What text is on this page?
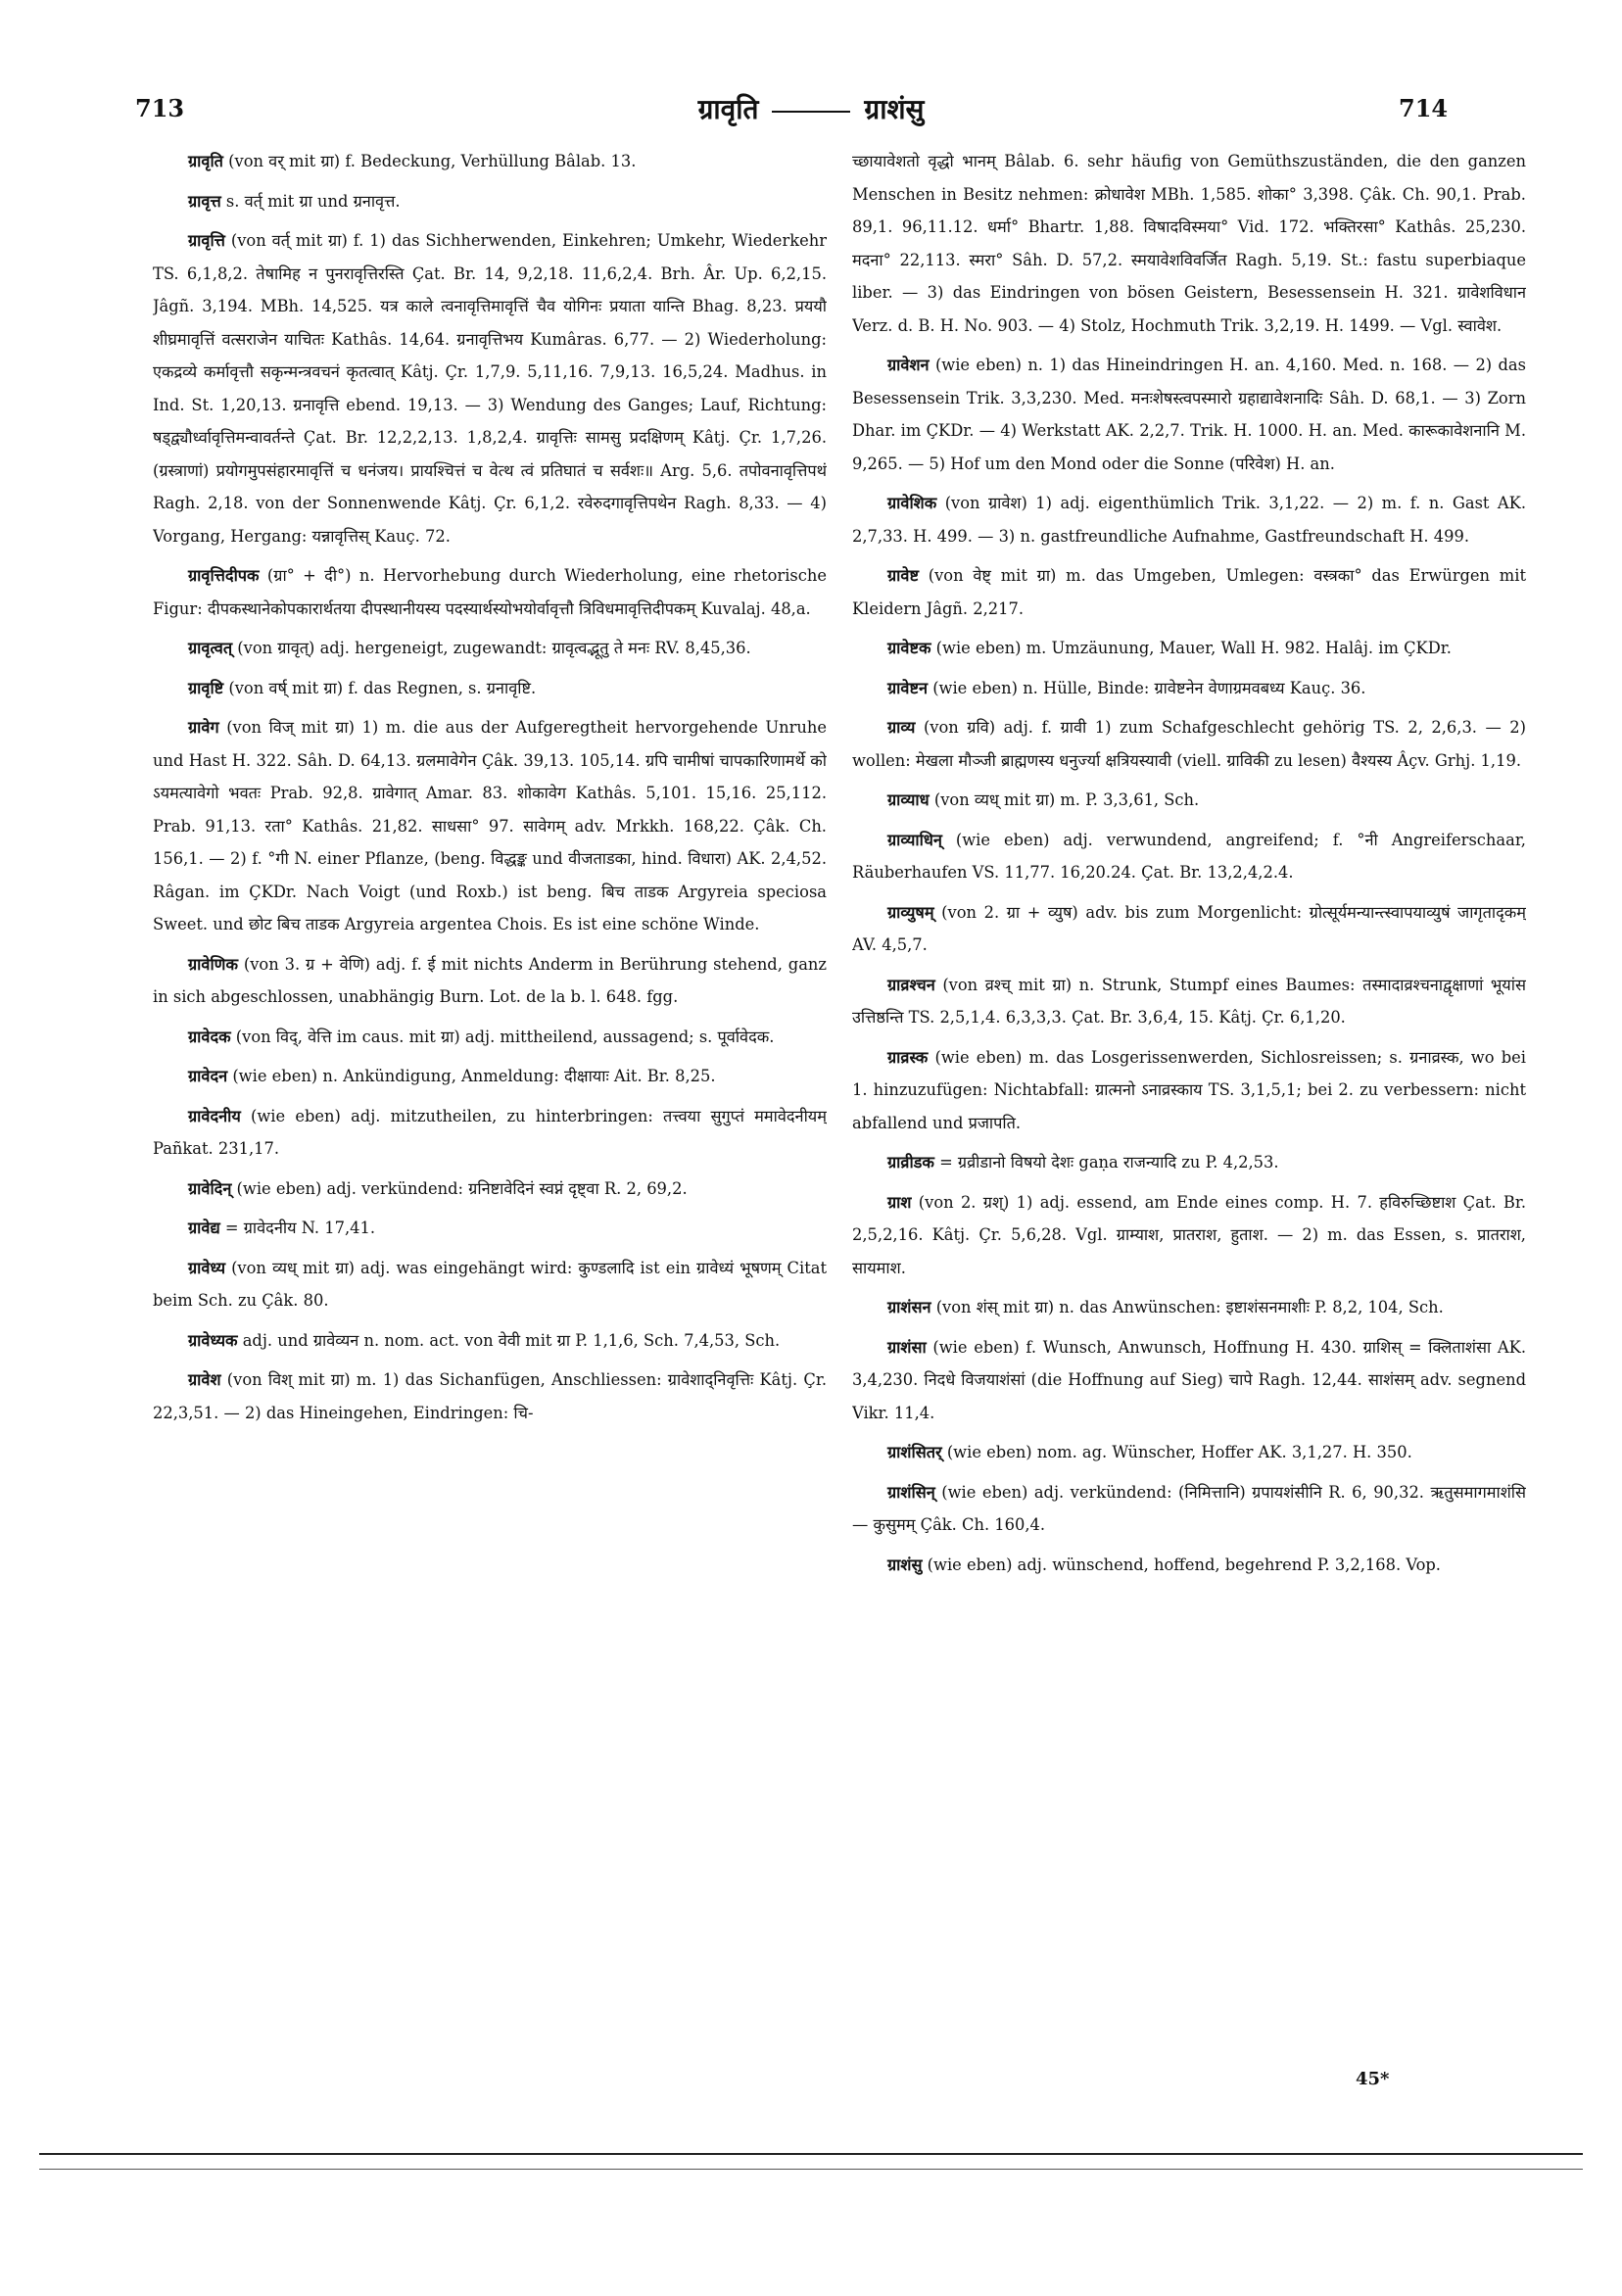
713	ग्रावृति	ग्राशंसु	714

ग्रावृति (von वर् mit ग्रा) f. Bedeckung, Verhüllung Bâlab. 13.

ग्रावृत्त s. वर्त् mit ग्रा und ग्रनावृत्त.

ग्रावृत्ति (von वर्त् mit ग्रा) f. 1) das Sichherwenden, Einkehren; Umkehr, Wiederkehr TS. 6,1,8,2. तेषामिह न पुनरावृत्तिरस्ति Çat. Br. 14, 9,2,18. 11,6,2,4. Brh. Âr. Up. 6,2,15. Jâgñ. 3,194. MBh. 14,525. यत्र काले त्वनावृत्तिमावृत्तिं चैव योगिनः प्रयाता यान्ति Bhag. 8,23. प्रययौ शीघ्रमावृत्तिं वत्सराजेन याचितः Kathâs. 14,64. ग्रनावृत्तिभय Kumâras. 6,77. — 2) Wiederholung: एकद्रव्ये कर्मावृत्तौ सकृन्मन्त्रवचनं कृतत्वात् Kâtj. Çr. 1,7,9. 5,11,16. 7,9,13. 16,5,24. Madhus. in Ind. St. 1,20,13. ग्रनावृत्ति ebend. 19,13. — 3) Wendung des Ganges; Lauf, Richtung: षड्द्व्यौर्ध्वावृत्तिमन्वावर्तन्ते Çat. Br. 12,2,2,13. 1,8,2,4. ग्रावृत्तिः सामसु प्रदक्षिणम् Kâtj. Çr. 1,7,26. (ग्रस्त्राणां) प्रयोगमुपसंहारमावृत्तिं च धनंजय। प्रायश्चित्तं च वेत्थ त्वं प्रतिघातं च सर्वशः॥ Arg. 5,6. तपोवनावृत्तिपथं Ragh. 2,18. von der Sonnenwende Kâtj. Çr. 6,1,2. रवेरुदगावृत्तिपथेन Ragh. 8,33. — 4) Vorgang, Hergang: यन्नावृत्तिस् Kauç. 72.

ग्रावृत्तिदीपक (ग्रा° + दी°) n. Hervorhebung durch Wiederholung, eine rhetorische Figur: दीपकस्थानेकोपकारार्थतया दीपस्थानीयस्य पदस्यार्थस्योभयोर्वावृत्तौ त्रिविधमावृत्तिदीपकम् Kuvalaj. 48,a.

ग्रावृत्वत् (von ग्रावृत्) adj. hergeneigt, zugewandt: ग्रावृत्वद्भूतु ते मनः RV. 8,45,36.

ग्रावृष्टि (von वर्ष् mit ग्रा) f. das Regnen, s. ग्रनावृष्टि.

ग्रावेग (von विज् mit ग्रा) 1) m. die aus der Aufgeregtheit hervorgehende Unruhe und Hast H. 322. Sâh. D. 64,13. ग्रलमावेगेन Çâk. 39,13. 105,14. ग्रपि चामीषां चापकारिणामर्थे को ऽयमत्यावेगो भवतः Prab. 92,8. ग्रावेगात् Amar. 83. शोकावेग Kathâs. 5,101. 15,16. 25,112. Prab. 91,13. रता° Kathâs. 21,82. साधसा° 97. सावेगम् adv. Mrkkh. 168,22. Çâk. Ch. 156,1. — 2) f. °गी N. einer Pflanze, (beng. विद्धङ्क und वीजताडका, hind. विधारा) AK. 2,4,52. Râgan. im ÇKDr. Nach Voigt (und Roxb.) ist beng. बिच ताडक Argyreia speciosa Sweet. und छोट बिच ताडक Argyreia argentea Chois. Es ist eine schöne Winde.

ग्रावेणिक (von 3. ग्र + वेणि) adj. f. ई mit nichts Anderm in Berührung stehend, ganz in sich abgeschlossen, unabhängig Burn. Lot. de la b. l. 648. fgg.

ग्रावेदक (von विद्, वेत्ति im caus. mit ग्रा) adj. mittheilend, aussagend; s. पूर्वावेदक.

ग्रावेदन (wie eben) n. Ankündigung, Anmeldung: दीक्षायाः Ait. Br. 8,25.

ग्रावेदनीय (wie eben) adj. mitzutheilen, zu hinterbringen: तत्त्वया सुगुप्तं ममावेदनीयम् Pañkat. 231,17.

ग्रावेदिन् (wie eben) adj. verkündend: ग्रनिष्टावेदिनं स्वप्नं दृष्ट्वा R. 2, 69,2.

ग्रावेद्य = ग्रावेदनीय N. 17,41.

ग्रावेध्य (von व्यध् mit ग्रा) adj. was eingehängt wird: कुण्डलादि ist ein ग्रावेध्यं भूषणम् Citat beim Sch. zu Çâk. 80.

ग्रावेध्यक adj. und ग्रावेव्यन n. nom. act. von वेवी mit ग्रा P. 1,1,6, Sch. 7,4,53, Sch.

ग्रावेश (von विश् mit ग्रा) m. 1) das Sichanfügen, Anschliessen: ग्रावेशाद्निवृत्तिः Kâtj. Çr. 22,3,51. — 2) das Hineingehen, Eindringen: चि-

च्छायावेशतो वृद्धो भानम् Bâlab. 6. sehr häufig von Gemüthszuständen, die den ganzen Menschen in Besitz nehmen: क्रोधावेश MBh. 1,585. शोका° 3,398. Çâk. Ch. 90,1. Prab. 89,1. 96,11.12. धर्मा° Bhartr. 1,88. विषादविस्मया° Vid. 172. भक्तिरसा° Kathâs. 25,230. मदना° 22,113. स्मरा° Sâh. D. 57,2. स्मयावेशविवर्जित Ragh. 5,19. St.: fastu superbiaque liber. — 3) das Eindringen von bösen Geistern, Besessensein H. 321. ग्रावेशविधान Verz. d. B. H. No. 903. — 4) Stolz, Hochmuth Trik. 3,2,19. H. 1499. — Vgl. स्वावेश.

ग्रावेशन (wie eben) n. 1) das Hineindringen H. an. 4,160. Med. n. 168. — 2) das Besessensein Trik. 3,3,230. Med. मनःशेषस्त्वपस्मारो ग्रहाद्यावेशनादिः Sâh. D. 68,1. — 3) Zorn Dhar. im ÇKDr. — 4) Werkstatt AK. 2,2,7. Trik. H. 1000. H. an. Med. कारूकावेशनानि M. 9,265. — 5) Hof um den Mond oder die Sonne (परिवेश) H. an.

ग्रावेशिक (von ग्रावेश) 1) adj. eigenthümlich Trik. 3,1,22. — 2) m. f. n. Gast AK. 2,7,33. H. 499. — 3) n. gastfreundliche Aufnahme, Gastfreundschaft H. 499.

ग्रावेष्ट (von वेष्ट् mit ग्रा) m. das Umgeben, Umlegen: वस्त्रका° das Erwürgen mit Kleidern Jâgñ. 2,217.

ग्रावेष्टक (wie eben) m. Umzäunung, Mauer, Wall H. 982. Halâj. im ÇKDr.

ग्रावेष्टन (wie eben) n. Hülle, Binde: ग्रावेष्टनेन वेणाग्रमवबध्य Kauç. 36.

ग्राव्य (von ग्रवि) adj. f. ग्रावी 1) zum Schafgeschlecht gehörig TS. 2, 2,6,3. — 2) wollen: मेखला मौञ्जी ब्राह्मणस्य धनुर्ज्या क्षत्रियस्यावी (viell. ग्राविकी zu lesen) वैश्यस्य Âçv. Grhj. 1,19.

ग्राव्याध (von व्यध् mit ग्रा) m. P. 3,3,61, Sch.

ग्राव्याधिन् (wie eben) adj. verwundend, angreifend; f. °नी Angreiferschaar, Räuberhaufen VS. 11,77. 16,20.24. Çat. Br. 13,2,4,2.4.

ग्राव्युषम् (von 2. ग्रा + व्युष) adv. bis zum Morgenlicht: ग्रोत्सूर्यमन्यान्त्स्वापयाव्युषं जागृतादृकम् AV. 4,5,7.

ग्राव्रश्चन (von व्रश्च् mit ग्रा) n. Strunk, Stumpf eines Baumes: तस्मादाव्रश्चनाद्वृक्षाणां भूयांस उत्तिष्ठन्ति TS. 2,5,1,4. 6,3,3,3. Çat. Br. 3,6,4, 15. Kâtj. Çr. 6,1,20.

ग्राव्रस्क (wie eben) m. das Losgerissenwerden, Sichlosreissen; s. ग्रनाव्रस्क, wo bei 1. hinzuzufügen: Nichtabfall: ग्रात्मनो ऽनाव्रस्काय TS. 3,1,5,1; bei 2. zu verbessern: nicht abfallend und प्रजापति.

ग्राव्रीडक = ग्रव्रीडानो विषयो देशः gaṇa राजन्यादि zu P. 4,2,53.

ग्राश (von 2. ग्रश्) 1) adj. essend, am Ende eines comp. H. 7. हविरुच्छिष्टाश Çat. Br. 2,5,2,16. Kâtj. Çr. 5,6,28. Vgl. ग्राम्याश, प्रातराश, हुताश. — 2) m. das Essen, s. प्रातराश, सायमाश.

ग्राशंसन (von शंस् mit ग्रा) n. das Anwünschen: इष्टाशंसनमाशीः P. 8,2, 104, Sch.

ग्राशंसा (wie eben) f. Wunsch, Anwunsch, Hoffnung H. 430. ग्राशिस् = क्लिताशंसा AK. 3,4,230. निदधे विजयाशंसां (die Hoffnung auf Sieg) चापे Ragh. 12,44. साशंसम् adv. segnend Vikr. 11,4.

ग्राशंसितर् (wie eben) nom. ag. Wünscher, Hoffer AK. 3,1,27. H. 350.

ग्राशंसिन् (wie eben) adj. verkündend: (निमित्तानि) ग्रपायशंसीनि R. 6, 90,32. ऋतुसमागमाशंसि — कुसुमम् Çâk. Ch. 160,4.

ग्राशंसु (wie eben) adj. wünschend, hoffend, begehrend P. 3,2,168. Vop.

45*
